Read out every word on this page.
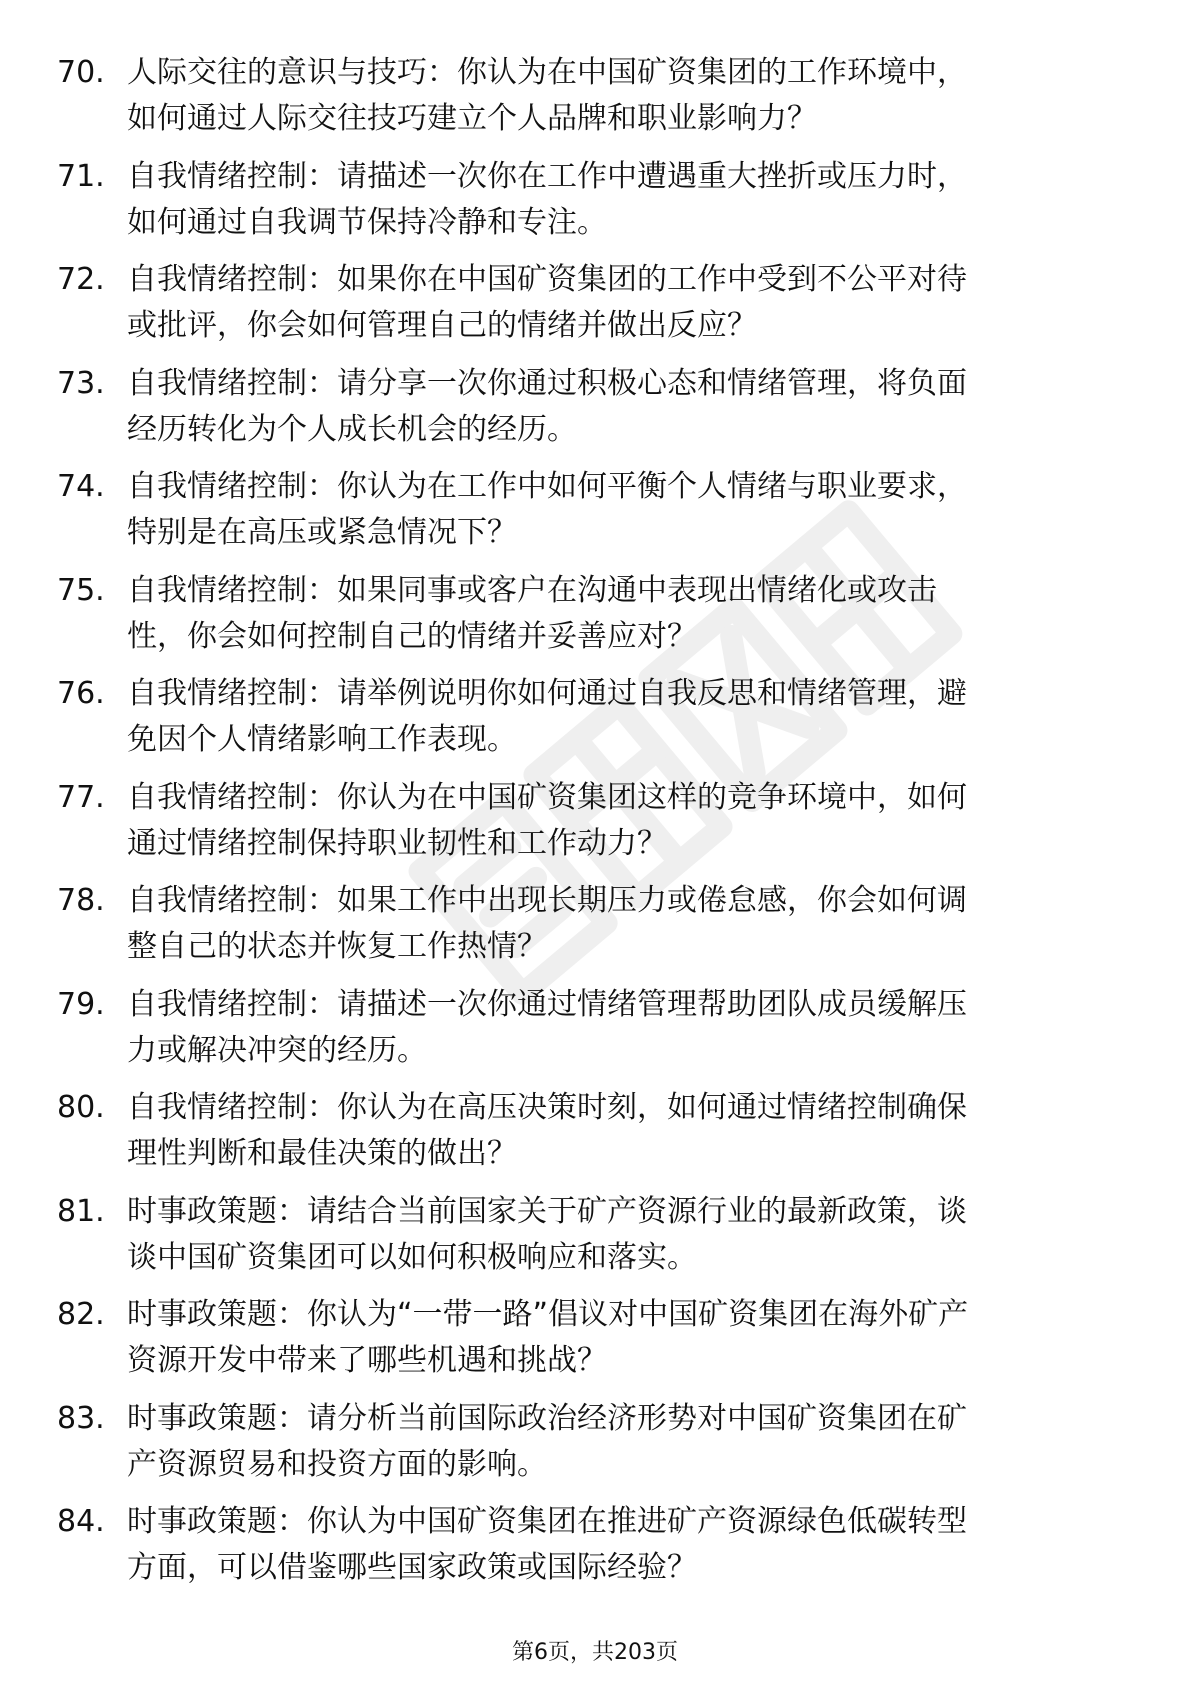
70. 人际交往的意识与技巧：你认为在中国矿资集团的工作环境中，
如何通过人际交往技巧建立个人品牌和职业影响力？
71. 自我情绪控制：请描述一次你在工作中遭遇重大挫折或压力时，
如何通过自我调节保持冷静和专注。
72. 自我情绪控制：如果你在中国矿资集团的工作中受到不公平对待
或批评，你会如何管理自己的情绪并做出反应？
73. 自我情绪控制：请分享一次你通过积极心态和情绪管理，将负面
经历转化为个人成长机会的经历。
74. 自我情绪控制：你认为在工作中如何平衡个人情绪与职业要求，
特别是在高压或紧急情况下？
75. 自我情绪控制：如果同事或客户在沟通中表现出情绪化或攻击
性，你会如何控制自己的情绪并妥善应对？
76. 自我情绪控制：请举例说明你如何通过自我反思和情绪管理，避
免因个人情绪影响工作表现。
77. 自我情绪控制：你认为在中国矿资集团这样的竞争环境中，如何
通过情绪控制保持职业韧性和工作动力？
78. 自我情绪控制：如果工作中出现长期压力或倦怠感，你会如何调
整自己的状态并恢复工作热情？
79. 自我情绪控制：请描述一次你通过情绪管理帮助团队成员缓解压
力或解决冲突的经历。
80. 自我情绪控制：你认为在高压决策时刻，如何通过情绪控制确保
理性判断和最佳决策的做出？
81. 时事政策题：请结合当前国家关于矿产资源行业的最新政策，谈
谈中国矿资集团可以如何积极响应和落实。
82. 时事政策题：你认为“一带一路”倡议对中国矿资集团在海外矿产
资源开发中带来了哪些机遇和挑战？
83. 时事政策题：请分析当前国际政治经济形势对中国矿资集团在矿
产资源贸易和投资方面的影响。
84. 时事政策题：你认为中国矿资集团在推进矿产资源绿色低碳转型
方面，可以借鉴哪些国家政策或国际经验？
第6页，共203页
